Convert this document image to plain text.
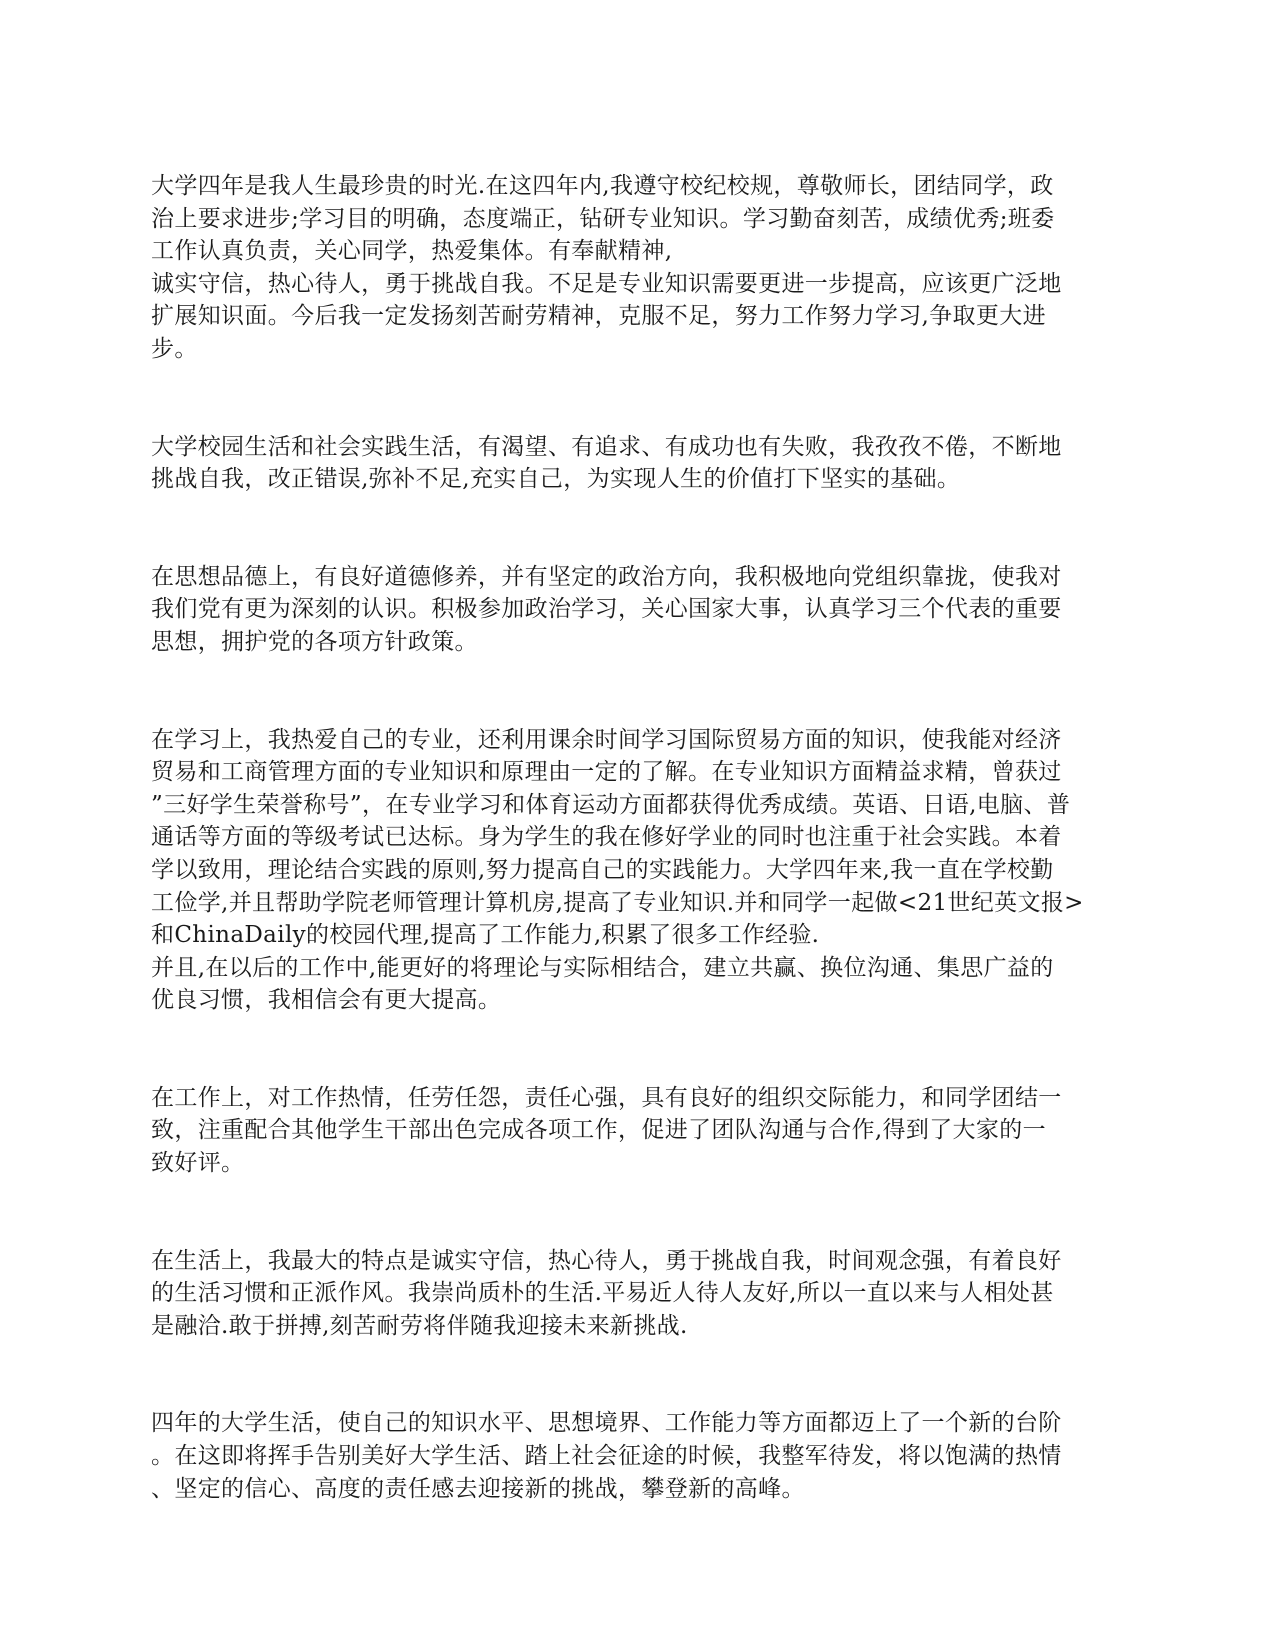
大学四年是我人生最珍贵的时光.在这四年内,我遵守校纪校规，尊敬师长，团结同学，政
治上要求进步;学习目的明确，态度端正，钻研专业知识。学习勤奋刻苦，成绩优秀;班委
工作认真负责，关心同学，热爱集体。有奉献精神,
诚实守信，热心待人，勇于挑战自我。不足是专业知识需要更进一步提高，应该更广泛地
扩展知识面。今后我一定发扬刻苦耐劳精神，克服不足，努力工作努力学习,争取更大进
步。

大学校园生活和社会实践生活，有渴望、有追求、有成功也有失败，我孜孜不倦，不断地
挑战自我，改正错误,弥补不足,充实自己，为实现人生的价值打下坚实的基础。

在思想品德上，有良好道德修养，并有坚定的政治方向，我积极地向党组织靠拢，使我对
我们党有更为深刻的认识。积极参加政治学习，关心国家大事，认真学习三个代表的重要
思想，拥护党的各项方针政策。

在学习上，我热爱自己的专业，还利用课余时间学习国际贸易方面的知识，使我能对经济
贸易和工商管理方面的专业知识和原理由一定的了解。在专业知识方面精益求精，曾获过
”三好学生荣誉称号”，在专业学习和体育运动方面都获得优秀成绩。英语、日语,电脑、普
通话等方面的等级考试已达标。身为学生的我在修好学业的同时也注重于社会实践。本着
学以致用，理论结合实践的原则,努力提高自己的实践能力。大学四年来,我一直在学校勤
工俭学,并且帮助学院老师管理计算机房,提高了专业知识.并和同学一起做<21世纪英文报>
和ChinaDaily的校园代理,提高了工作能力,积累了很多工作经验.
并且,在以后的工作中,能更好的将理论与实际相结合，建立共赢、换位沟通、集思广益的
优良习惯，我相信会有更大提高。

在工作上，对工作热情，任劳任怨，责任心强，具有良好的组织交际能力，和同学团结一
致，注重配合其他学生干部出色完成各项工作，促进了团队沟通与合作,得到了大家的一
致好评。

在生活上，我最大的特点是诚实守信，热心待人，勇于挑战自我，时间观念强，有着良好
的生活习惯和正派作风。我崇尚质朴的生活.平易近人待人友好,所以一直以来与人相处甚
是融洽.敢于拼搏,刻苦耐劳将伴随我迎接未来新挑战.

四年的大学生活，使自己的知识水平、思想境界、工作能力等方面都迈上了一个新的台阶
。在这即将挥手告别美好大学生活、踏上社会征途的时候，我整军待发，将以饱满的热情
、坚定的信心、高度的责任感去迎接新的挑战，攀登新的高峰。
